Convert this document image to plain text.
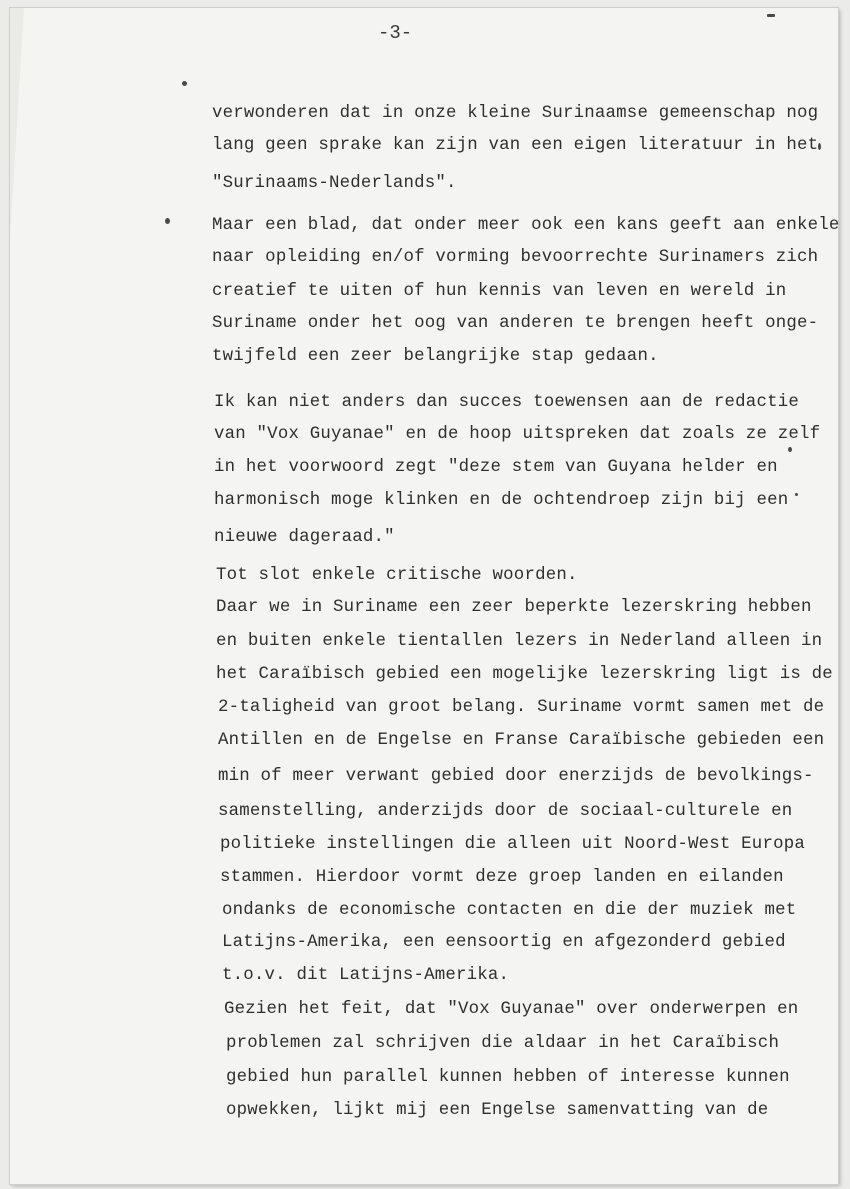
-3-
verwonderen dat in onze kleine Surinaamse gemeenschap nog
lang geen sprake kan zijn van een eigen literatuur in het
"Surinaams-Nederlands".
Maar een blad, dat onder meer ook een kans geeft aan enkele
naar opleiding en/of vorming bevoorrechte Surinamers zich
creatief te uiten of hun kennis van leven en wereld in
Suriname onder het oog van anderen te brengen heeft onge-
twijfeld een zeer belangrijke stap gedaan.
Ik kan niet anders dan succes toewensen aan de redactie
van "Vox Guyanae" en de hoop uitspreken dat zoals ze zelf
in het voorwoord zegt "deze stem van Guyana helder en
harmonisch moge klinken en de ochtendroep zijn bij een
nieuwe dageraad."
Tot slot enkele critische woorden.
Daar we in Suriname een zeer beperkte lezerskring hebben
en buiten enkele tientallen lezers in Nederland alleen in
het Caraïbisch gebied een mogelijke lezerskring ligt is de
2-taligheid van groot belang. Suriname vormt samen met de
Antillen en de Engelse en Franse Caraïbische gebieden een
min of meer verwant gebied door enerzijds de bevolkings-
samenstelling, anderzijds door de sociaal-culturele en
politieke instellingen die alleen uit Noord-West Europa
stammen. Hierdoor vormt deze groep landen en eilanden
ondanks de economische contacten en die der muziek met
Latijns-Amerika, een eensoortig en afgezonderd gebied
t.o.v. dit Latijns-Amerika.
Gezien het feit, dat "Vox Guyanae" over onderwerpen en
problemen zal schrijven die aldaar in het Caraïbisch
gebied hun parallel kunnen hebben of interesse kunnen
opwekken, lijkt mij een Engelse samenvatting van de
